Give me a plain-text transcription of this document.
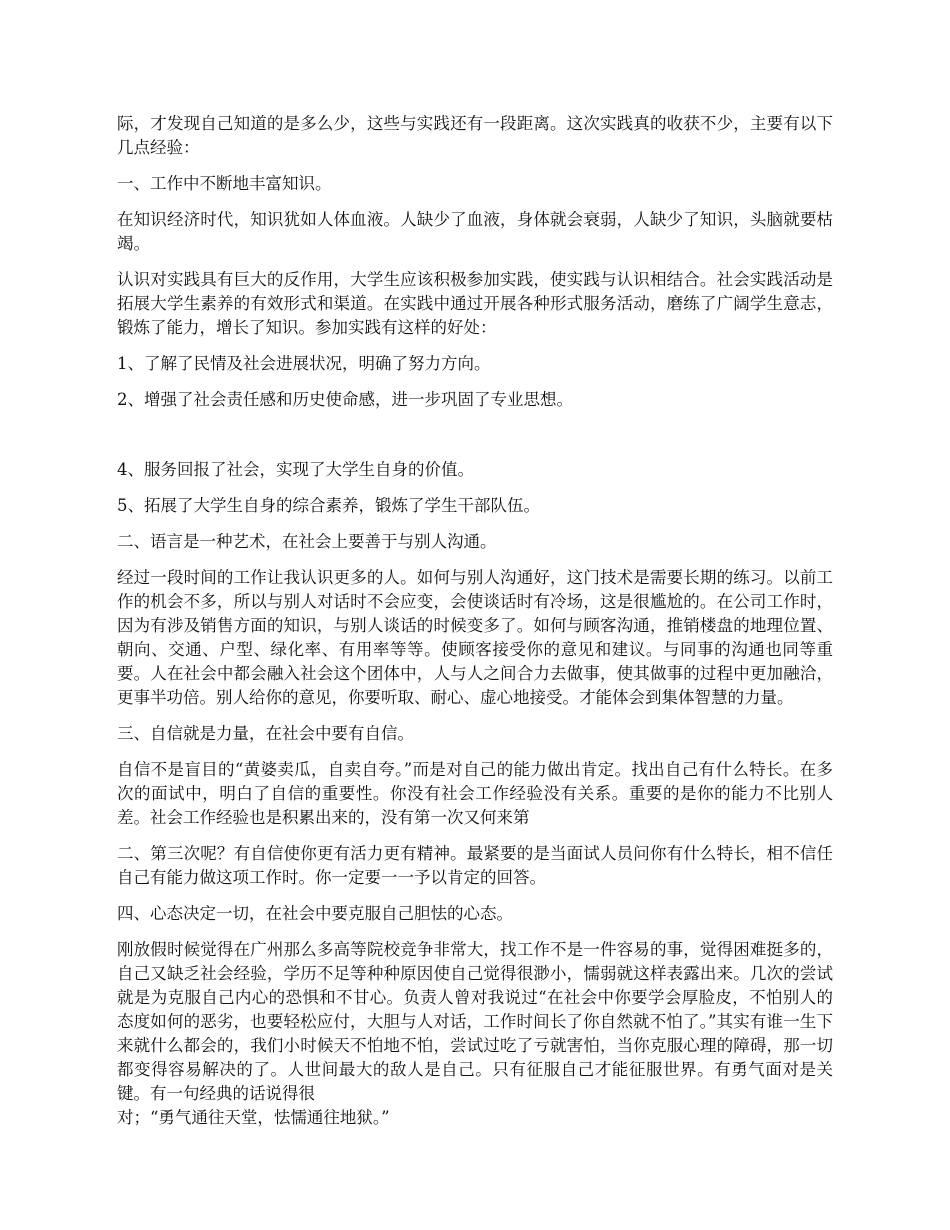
际，才发现自己知道的是多么少，这些与实践还有一段距离。这次实践真的收获不少，主要有以下几点经验：

一、工作中不断地丰富知识。

在知识经济时代，知识犹如人体血液。人缺少了血液，身体就会衰弱，人缺少了知识，头脑就要枯竭。

认识对实践具有巨大的反作用，大学生应该积极参加实践，使实践与认识相结合。社会实践活动是拓展大学生素养的有效形式和渠道。在实践中通过开展各种形式服务活动，磨练了广阔学生意志，锻炼了能力，增长了知识。参加实践有这样的好处：

1、了解了民情及社会进展状况，明确了努力方向。

2、增强了社会责任感和历史使命感，进一步巩固了专业思想。

4、服务回报了社会，实现了大学生自身的价值。

5、拓展了大学生自身的综合素养，锻炼了学生干部队伍。

二、语言是一种艺术，在社会上要善于与别人沟通。

经过一段时间的工作让我认识更多的人。如何与别人沟通好，这门技术是需要长期的练习。以前工作的机会不多，所以与别人对话时不会应变，会使谈话时有冷场，这是很尴尬的。在公司工作时，因为有涉及销售方面的知识，与别人谈话的时候变多了。如何与顾客沟通，推销楼盘的地理位置、朝向、交通、户型、绿化率、有用率等等。使顾客接受你的意见和建议。与同事的沟通也同等重要。人在社会中都会融入社会这个团体中，人与人之间合力去做事，使其做事的过程中更加融洽，更事半功倍。别人给你的意见，你要听取、耐心、虚心地接受。才能体会到集体智慧的力量。

三、自信就是力量，在社会中要有自信。

自信不是盲目的“黄婆卖瓜，自卖自夸。”而是对自己的能力做出肯定。找出自己有什么特长。在多次的面试中，明白了自信的重要性。你没有社会工作经验没有关系。重要的是你的能力不比别人差。社会工作经验也是积累出来的，没有第一次又何来第

二、第三次呢？有自信使你更有活力更有精神。最紧要的是当面试人员问你有什么特长，相不信任自己有能力做这项工作时。你一定要一一予以肯定的回答。

四、心态决定一切，在社会中要克服自己胆怯的心态。

刚放假时候觉得在广州那么多高等院校竞争非常大，找工作不是一件容易的事，觉得困难挺多的，自己又缺乏社会经验，学历不足等种种原因使自己觉得很渺小，懦弱就这样表露出来。几次的尝试就是为克服自己内心的恐惧和不甘心。负责人曾对我说过“在社会中你要学会厚脸皮，不怕别人的态度如何的恶劣，也要轻松应付，大胆与人对话，工作时间长了你自然就不怕了。”其实有谁一生下来就什么都会的，我们小时候天不怕地不怕，尝试过吃了亏就害怕，当你克服心理的障碍，那一切都变得容易解决的了。人世间最大的敌人是自己。只有征服自己才能征服世界。有勇气面对是关键。有一句经典的话说得很

对；“勇气通往天堂，怯懦通往地狱。”
